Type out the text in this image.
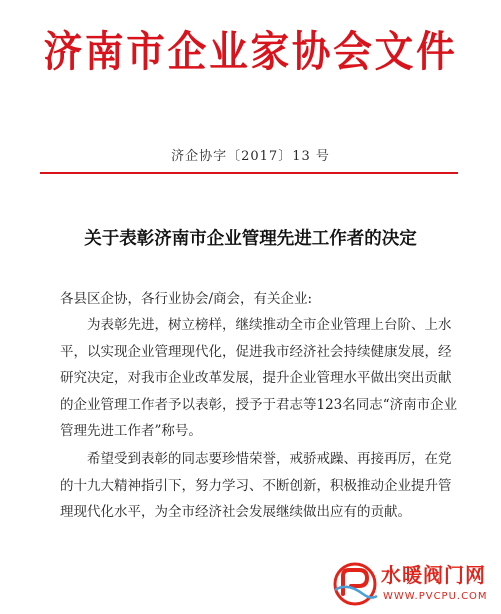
济南市企业家协会文件
济企协字〔2017〕13 号
关于表彰济南市企业管理先进工作者的决定
各县区企协，各行业协会/商会，有关企业:
为表彰先进，树立榜样，继续推动全市企业管理上台阶、上水平，以实现企业管理现代化，促进我市经济社会持续健康发展，经研究决定，对我市企业改革发展，提升企业管理水平做出突出贡献的企业管理工作者予以表彰，授予于君志等123名同志“济南市企业管理先进工作者”称号。
希望受到表彰的同志要珍惜荣誉，戒骄戒躁、再接再厉，在党的十九大精神指引下，努力学习、不断创新，积极推动企业提升管理现代化水平，为全市经济社会发展继续做出应有的贡献。
水暖阀门网
WWW.PVCPU.COM
